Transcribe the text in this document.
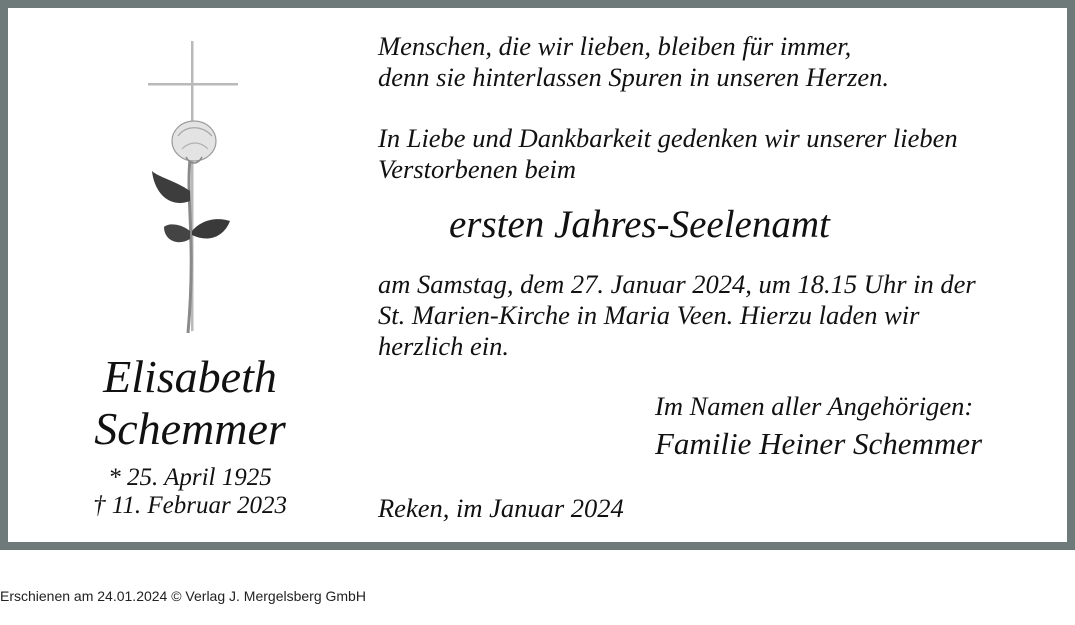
Elisabeth
Schemmer
* 25. April 1925
† 11. Februar 2023
Menschen, die wir lieben, bleiben für immer,
denn sie hinterlassen Spuren in unseren Herzen.
In Liebe und Dankbarkeit gedenken wir unserer lieben
Verstorbenen beim
ersten Jahres-Seelenamt
am Samstag, dem 27. Januar 2024, um 18.15 Uhr in der
St. Marien-Kirche in Maria Veen. Hierzu laden wir
herzlich ein.
Im Namen aller Angehörigen:
Familie Heiner Schemmer
Reken, im Januar 2024
Erschienen am 24.01.2024 © Verlag J. Mergelsberg GmbH
